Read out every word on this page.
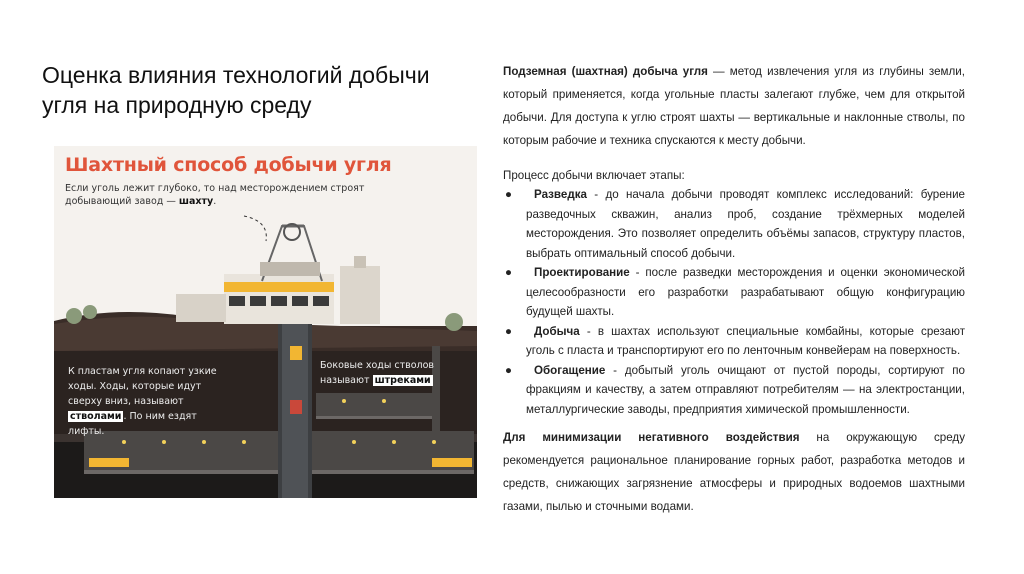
Оценка влияния технологий добычи угля на природную среду
Шахтный способ добычи угля
Если уголь лежит глубоко, то над месторождением строят добывающий завод — шахту.
К пластам угля копают узкие ходы. Ходы, которые идут сверху вниз, называют стволами . По ним ездят лифты.
Боковые ходы стволов называют штреками

Подземная (шахтная) добыча угля — метод извлечения угля из глубины земли, который применяется, когда угольные пласты залегают глубже, чем для открытой добычи. Для доступа к углю строят шахты — вертикальные и наклонные стволы, по которым рабочие и техника спускаются к месту добычи.

Процесс добычи включает этапы:

● Разведка - до начала добычи проводят комплекс исследований: бурение разведочных скважин, анализ проб, создание трёхмерных моделей месторождения. Это позволяет определить объёмы запасов, структуру пластов, выбрать оптимальный способ добычи.
● Проектирование - после разведки месторождения и оценки экономической целесообразности его разработки разрабатывают общую конфигурацию будущей шахты.
● Добыча - в шахтах используют специальные комбайны, которые срезают уголь с пласта и транспортируют его по ленточным конвейерам на поверхность.
● Обогащение - добытый уголь очищают от пустой породы, сортируют по фракциям и качеству, а затем отправляют потребителям — на электростанции, металлургические заводы, предприятия химической промышленности.

Для минимизации негативного воздействия на окружающую среду рекомендуется рациональное планирование горных работ, разработка методов и средств, снижающих загрязнение атмосферы и природных водоемов шахтными газами, пылью и сточными водами.
